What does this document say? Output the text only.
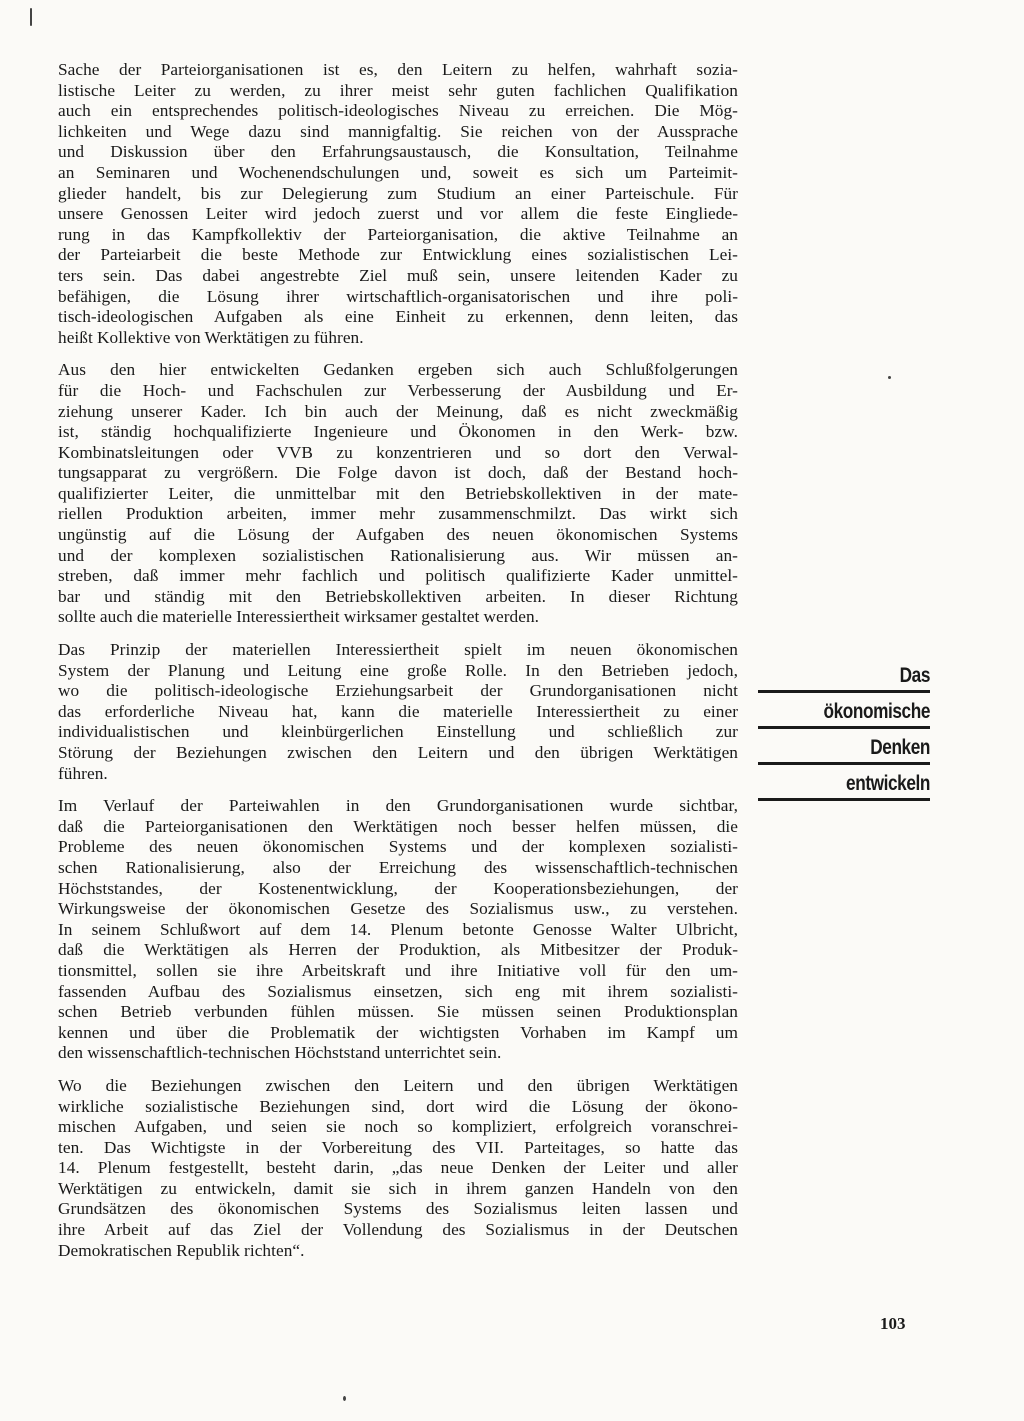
Sache der Parteiorganisationen ist es, den Leitern zu helfen, wahrhaft sozia-
listische Leiter zu werden, zu ihrer meist sehr guten fachlichen Qualifikation
auch ein entsprechendes politisch-ideologisches Niveau zu erreichen. Die Mög-
lichkeiten und Wege dazu sind mannigfaltig. Sie reichen von der Aussprache
und Diskussion über den Erfahrungsaustausch, die Konsultation, Teilnahme
an Seminaren und Wochenendschulungen und, soweit es sich um Parteimit-
glieder handelt, bis zur Delegierung zum Studium an einer Parteischule. Für
unsere Genossen Leiter wird jedoch zuerst und vor allem die feste Eingliede-
rung in das Kampfkollektiv der Parteiorganisation, die aktive Teilnahme an
der Parteiarbeit die beste Methode zur Entwicklung eines sozialistischen Lei-
ters sein. Das dabei angestrebte Ziel muß sein, unsere leitenden Kader zu
befähigen, die Lösung ihrer wirtschaftlich-organisatorischen und ihre poli-
tisch-ideologischen Aufgaben als eine Einheit zu erkennen, denn leiten, das
heißt Kollektive von Werktätigen zu führen.
Aus den hier entwickelten Gedanken ergeben sich auch Schlußfolgerungen
für die Hoch- und Fachschulen zur Verbesserung der Ausbildung und Er-
ziehung unserer Kader. Ich bin auch der Meinung, daß es nicht zweckmäßig
ist, ständig hochqualifizierte Ingenieure und Ökonomen in den Werk- bzw.
Kombinatsleitungen oder VVB zu konzentrieren und so dort den Verwal-
tungsapparat zu vergrößern. Die Folge davon ist doch, daß der Bestand hoch-
qualifizierter Leiter, die unmittelbar mit den Betriebskollektiven in der mate-
riellen Produktion arbeiten, immer mehr zusammenschmilzt. Das wirkt sich
ungünstig auf die Lösung der Aufgaben des neuen ökonomischen Systems
und der komplexen sozialistischen Rationalisierung aus. Wir müssen an-
streben, daß immer mehr fachlich und politisch qualifizierte Kader unmittel-
bar und ständig mit den Betriebskollektiven arbeiten. In dieser Richtung
sollte auch die materielle Interessiertheit wirksamer gestaltet werden.
Das Prinzip der materiellen Interessiertheit spielt im neuen ökonomischen
System der Planung und Leitung eine große Rolle. In den Betrieben jedoch,
wo die politisch-ideologische Erziehungsarbeit der Grundorganisationen nicht
das erforderliche Niveau hat, kann die materielle Interessiertheit zu einer
individualistischen und kleinbürgerlichen Einstellung und schließlich zur
Störung der Beziehungen zwischen den Leitern und den übrigen Werktätigen
führen.
Im Verlauf der Parteiwahlen in den Grundorganisationen wurde sichtbar,
daß die Parteiorganisationen den Werktätigen noch besser helfen müssen, die
Probleme des neuen ökonomischen Systems und der komplexen sozialisti-
schen Rationalisierung, also der Erreichung des wissenschaftlich-technischen
Höchststandes, der Kostenentwicklung, der Kooperationsbeziehungen, der
Wirkungsweise der ökonomischen Gesetze des Sozialismus usw., zu verstehen.
In seinem Schlußwort auf dem 14. Plenum betonte Genosse Walter Ulbricht,
daß die Werktätigen als Herren der Produktion, als Mitbesitzer der Produk-
tionsmittel, sollen sie ihre Arbeitskraft und ihre Initiative voll für den um-
fassenden Aufbau des Sozialismus einsetzen, sich eng mit ihrem sozialisti-
schen Betrieb verbunden fühlen müssen. Sie müssen seinen Produktionsplan
kennen und über die Problematik der wichtigsten Vorhaben im Kampf um
den wissenschaftlich-technischen Höchststand unterrichtet sein.
Wo die Beziehungen zwischen den Leitern und den übrigen Werktätigen
wirkliche sozialistische Beziehungen sind, dort wird die Lösung der ökono-
mischen Aufgaben, und seien sie noch so kompliziert, erfolgreich voranschrei-
ten. Das Wichtigste in der Vorbereitung des VII. Parteitages, so hatte das
14. Plenum festgestellt, besteht darin, „das neue Denken der Leiter und aller
Werktätigen zu entwickeln, damit sie sich in ihrem ganzen Handeln von den
Grundsätzen des ökonomischen Systems des Sozialismus leiten lassen und
ihre Arbeit auf das Ziel der Vollendung des Sozialismus in der Deutschen
Demokratischen Republik richten“.
Das
ökonomische
Denken
entwickeln
103
